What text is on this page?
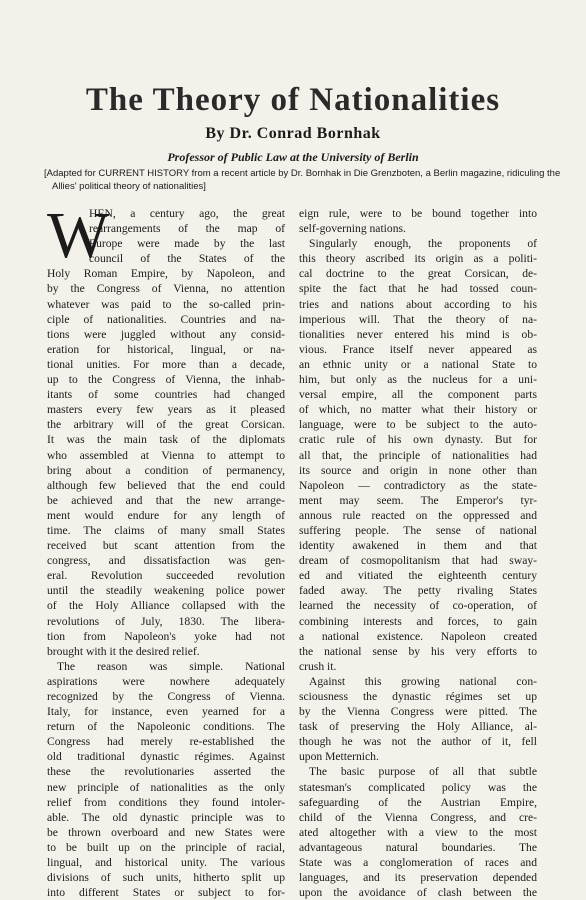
The Theory of Nationalities
By Dr. Conrad Bornhak
Professor of Public Law at the University of Berlin
[Adapted for CURRENT HISTORY from a recent article by Dr. Bornhak in Die Grenzboten, a Berlin magazine, ridiculing the Allies' political theory of nationalities]
W
HEN, a century ago, the great
rearrangements of the map of
Europe were made by the last
council of the States of the
Holy Roman Empire, by Napoleon, and
by the Congress of Vienna, no attention
whatever was paid to the so-called prin-
ciple of nationalities. Countries and na-
tions were juggled without any consid-
eration for historical, lingual, or na-
tional unities. For more than a decade,
up to the Congress of Vienna, the inhab-
itants of some countries had changed
masters every few years as it pleased
the arbitrary will of the great Corsican.
It was the main task of the diplomats
who assembled at Vienna to attempt to
bring about a condition of permanency,
although few believed that the end could
be achieved and that the new arrange-
ment would endure for any length of
time. The claims of many small States
received but scant attention from the
congress, and dissatisfaction was gen-
eral. Revolution succeeded revolution
until the steadily weakening police power
of the Holy Alliance collapsed with the
revolutions of July, 1830. The libera-
tion from Napoleon's yoke had not
brought with it the desired relief.
The reason was simple. National
aspirations were nowhere adequately
recognized by the Congress of Vienna.
Italy, for instance, even yearned for a
return of the Napoleonic conditions. The
Congress had merely re-established the
old traditional dynastic régimes. Against
these the revolutionaries asserted the
new principle of nationalities as the only
relief from conditions they found intoler-
able. The old dynastic principle was to
be thrown overboard and new States were
to be built up on the principle of racial,
lingual, and historical unity. The various
divisions of such units, hitherto split up
into different States or subject to for-
eign rule, were to be bound together into
self-governing nations.
Singularly enough, the proponents of
this theory ascribed its origin as a politi-
cal doctrine to the great Corsican, de-
spite the fact that he had tossed coun-
tries and nations about according to his
imperious will. That the theory of na-
tionalities never entered his mind is ob-
vious. France itself never appeared as
an ethnic unity or a national State to
him, but only as the nucleus for a uni-
versal empire, all the component parts
of which, no matter what their history or
language, were to be subject to the auto-
cratic rule of his own dynasty. But for
all that, the principle of nationalities had
its source and origin in none other than
Napoleon — contradictory as the state-
ment may seem. The Emperor's tyr-
annous rule reacted on the oppressed and
suffering people. The sense of national
identity awakened in them and that
dream of cosmopolitanism that had sway-
ed and vitiated the eighteenth century
faded away. The petty rivaling States
learned the necessity of co-operation, of
combining interests and forces, to gain
a national existence. Napoleon created
the national sense by his very efforts to
crush it.
Against this growing national con-
sciousness the dynastic régimes set up
by the Vienna Congress were pitted. The
task of preserving the Holy Alliance, al-
though he was not the author of it, fell
upon Metternich.
The basic purpose of all that subtle
statesman's complicated policy was the
safeguarding of the Austrian Empire,
child of the Vienna Congress, and cre-
ated altogether with a view to the most
advantageous natural boundaries. The
State was a conglomeration of races and
languages, and its preservation depended
upon the avoidance of clash between the
